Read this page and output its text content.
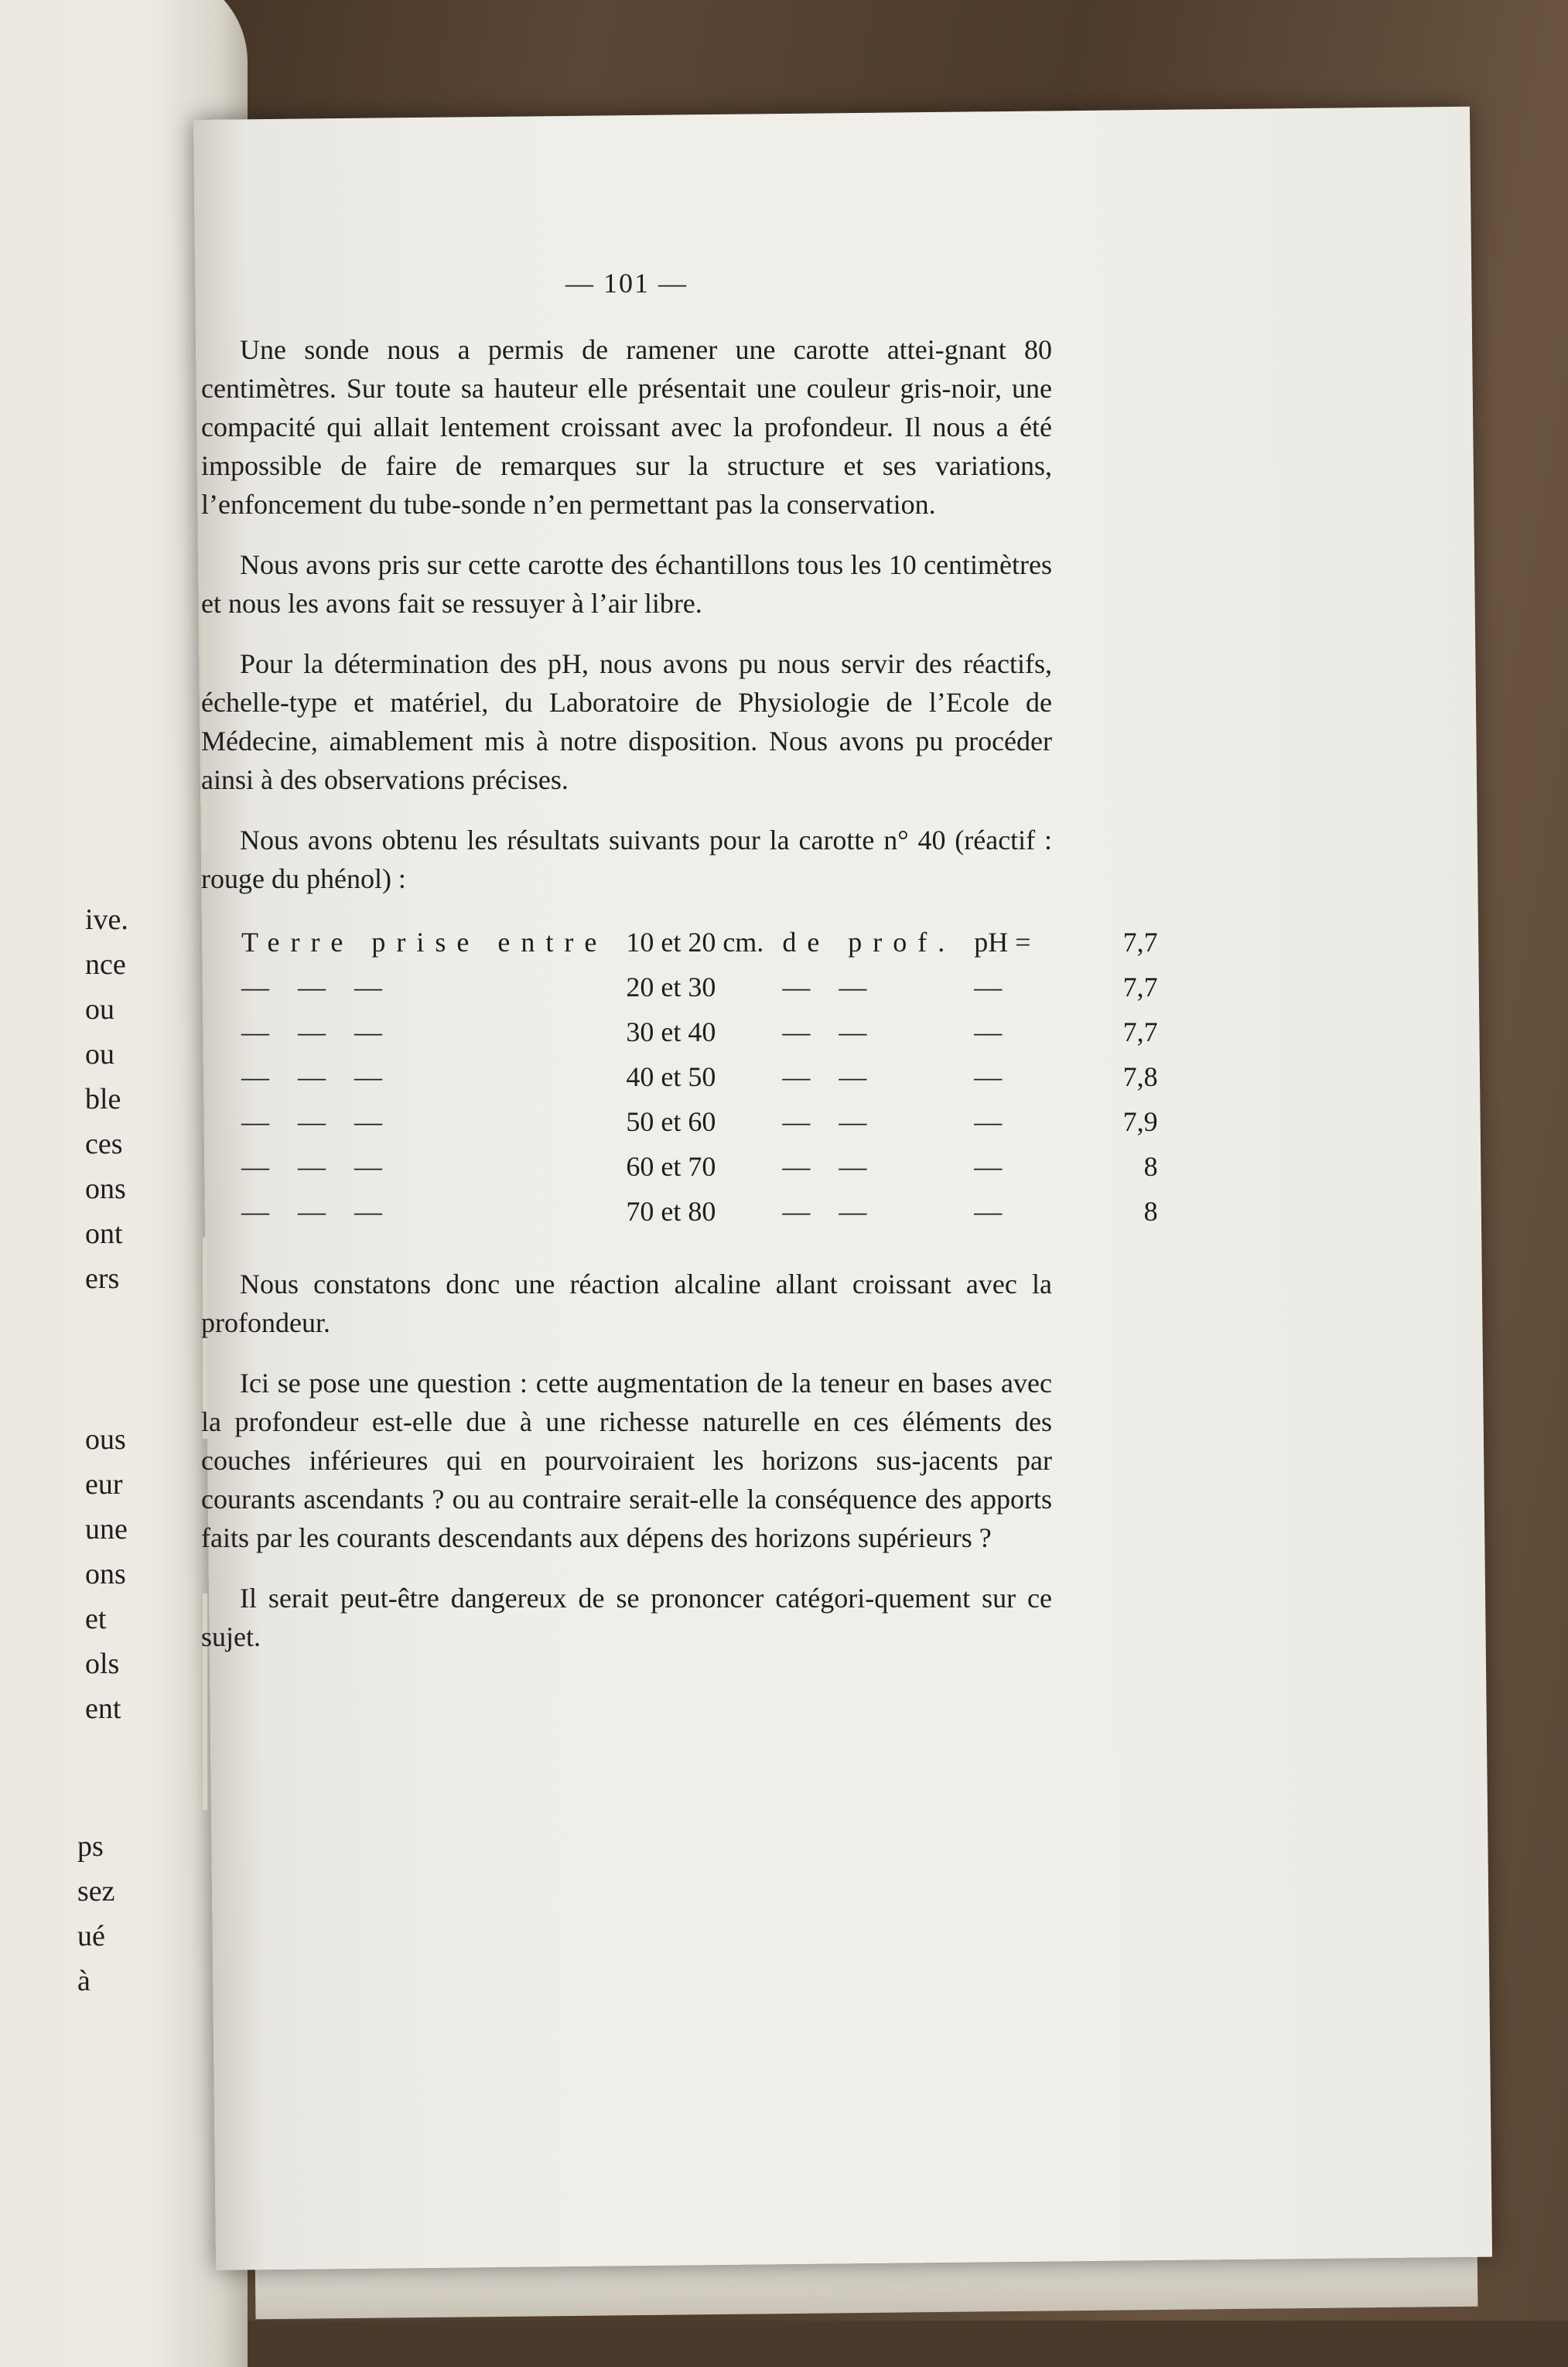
ive.
nce
ou
ou
ble
ces
ons
ont
ers
ous
eur
une
ons
et
ols
ent
ps
sez
ué
à
— 101 —

Une sonde nous a permis de ramener une carotte attei-gnant 80 centimètres. Sur toute sa hauteur elle présentait une couleur gris-noir, une compacité qui allait lentement croissant avec la profondeur. Il nous a été impossible de faire de remarques sur la structure et ses variations, l’enfoncement du tube-sonde n’en permettant pas la conservation.

Nous avons pris sur cette carotte des échantillons tous les 10 centimètres et nous les avons fait se ressuyer à l’air libre.

Pour la détermination des pH, nous avons pu nous servir des réactifs, échelle-type et matériel, du Laboratoire de Physiologie de l’Ecole de Médecine, aimablement mis à notre disposition. Nous avons pu procéder ainsi à des observations précises.

Nous avons obtenu les résultats suivants pour la carotte n° 40 (réactif : rouge du phénol) :

Terre prise entre	10 et 20 cm.	de prof.	pH =	7,7
— — —	20 et 30	— —	—	7,7
— — —	30 et 40	— —	—	7,7
— — —	40 et 50	— —	—	7,8
— — —	50 et 60	— —	—	7,9
— — —	60 et 70	— —	—	8
— — —	70 et 80	— —	—	8

Nous constatons donc une réaction alcaline allant croissant avec la profondeur.

Ici se pose une question : cette augmentation de la teneur en bases avec la profondeur est-elle due à une richesse naturelle en ces éléments des couches inférieures qui en pourvoiraient les horizons sus-jacents par courants ascendants ? ou au contraire serait-elle la conséquence des apports faits par les courants descendants aux dépens des horizons supérieurs ?

Il serait peut-être dangereux de se prononcer catégori-quement sur ce sujet.
